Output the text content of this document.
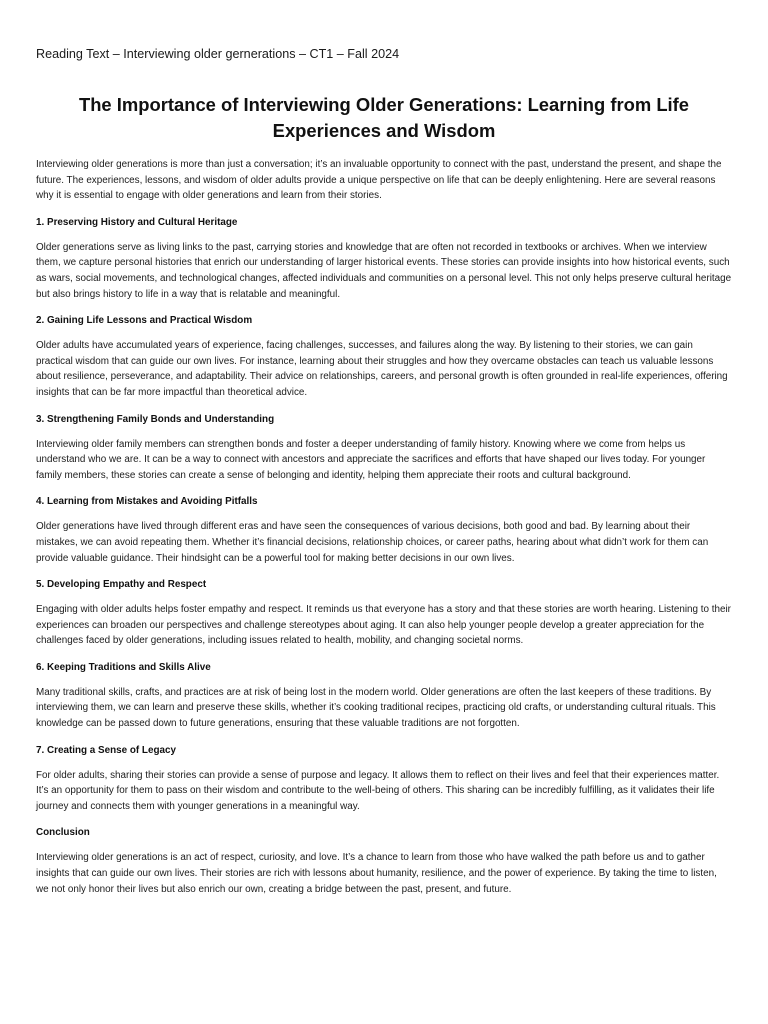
Reading Text – Interviewing older gernerations – CT1 – Fall 2024

The Importance of Interviewing Older Generations: Learning from Life Experiences and Wisdom

Interviewing older generations is more than just a conversation; it’s an invaluable opportunity to connect with the past, understand the present, and shape the future. The experiences, lessons, and wisdom of older adults provide a unique perspective on life that can be deeply enlightening. Here are several reasons why it is essential to engage with older generations and learn from their stories.

1. Preserving History and Cultural Heritage

Older generations serve as living links to the past, carrying stories and knowledge that are often not recorded in textbooks or archives. When we interview them, we capture personal histories that enrich our understanding of larger historical events. These stories can provide insights into how historical events, such as wars, social movements, and technological changes, affected individuals and communities on a personal level. This not only helps preserve cultural heritage but also brings history to life in a way that is relatable and meaningful.

2. Gaining Life Lessons and Practical Wisdom

Older adults have accumulated years of experience, facing challenges, successes, and failures along the way. By listening to their stories, we can gain practical wisdom that can guide our own lives. For instance, learning about their struggles and how they overcame obstacles can teach us valuable lessons about resilience, perseverance, and adaptability. Their advice on relationships, careers, and personal growth is often grounded in real-life experiences, offering insights that can be far more impactful than theoretical advice.

3. Strengthening Family Bonds and Understanding

Interviewing older family members can strengthen bonds and foster a deeper understanding of family history. Knowing where we come from helps us understand who we are. It can be a way to connect with ancestors and appreciate the sacrifices and efforts that have shaped our lives today. For younger family members, these stories can create a sense of belonging and identity, helping them appreciate their roots and cultural background.

4. Learning from Mistakes and Avoiding Pitfalls

Older generations have lived through different eras and have seen the consequences of various decisions, both good and bad. By learning about their mistakes, we can avoid repeating them. Whether it’s financial decisions, relationship choices, or career paths, hearing about what didn’t work for them can provide valuable guidance. Their hindsight can be a powerful tool for making better decisions in our own lives.

5. Developing Empathy and Respect

Engaging with older adults helps foster empathy and respect. It reminds us that everyone has a story and that these stories are worth hearing. Listening to their experiences can broaden our perspectives and challenge stereotypes about aging. It can also help younger people develop a greater appreciation for the challenges faced by older generations, including issues related to health, mobility, and changing societal norms.

6. Keeping Traditions and Skills Alive

Many traditional skills, crafts, and practices are at risk of being lost in the modern world. Older generations are often the last keepers of these traditions. By interviewing them, we can learn and preserve these skills, whether it’s cooking traditional recipes, practicing old crafts, or understanding cultural rituals. This knowledge can be passed down to future generations, ensuring that these valuable traditions are not forgotten.

7. Creating a Sense of Legacy

For older adults, sharing their stories can provide a sense of purpose and legacy. It allows them to reflect on their lives and feel that their experiences matter. It’s an opportunity for them to pass on their wisdom and contribute to the well-being of others. This sharing can be incredibly fulfilling, as it validates their life journey and connects them with younger generations in a meaningful way.

Conclusion

Interviewing older generations is an act of respect, curiosity, and love. It’s a chance to learn from those who have walked the path before us and to gather insights that can guide our own lives. Their stories are rich with lessons about humanity, resilience, and the power of experience. By taking the time to listen, we not only honor their lives but also enrich our own, creating a bridge between the past, present, and future.
